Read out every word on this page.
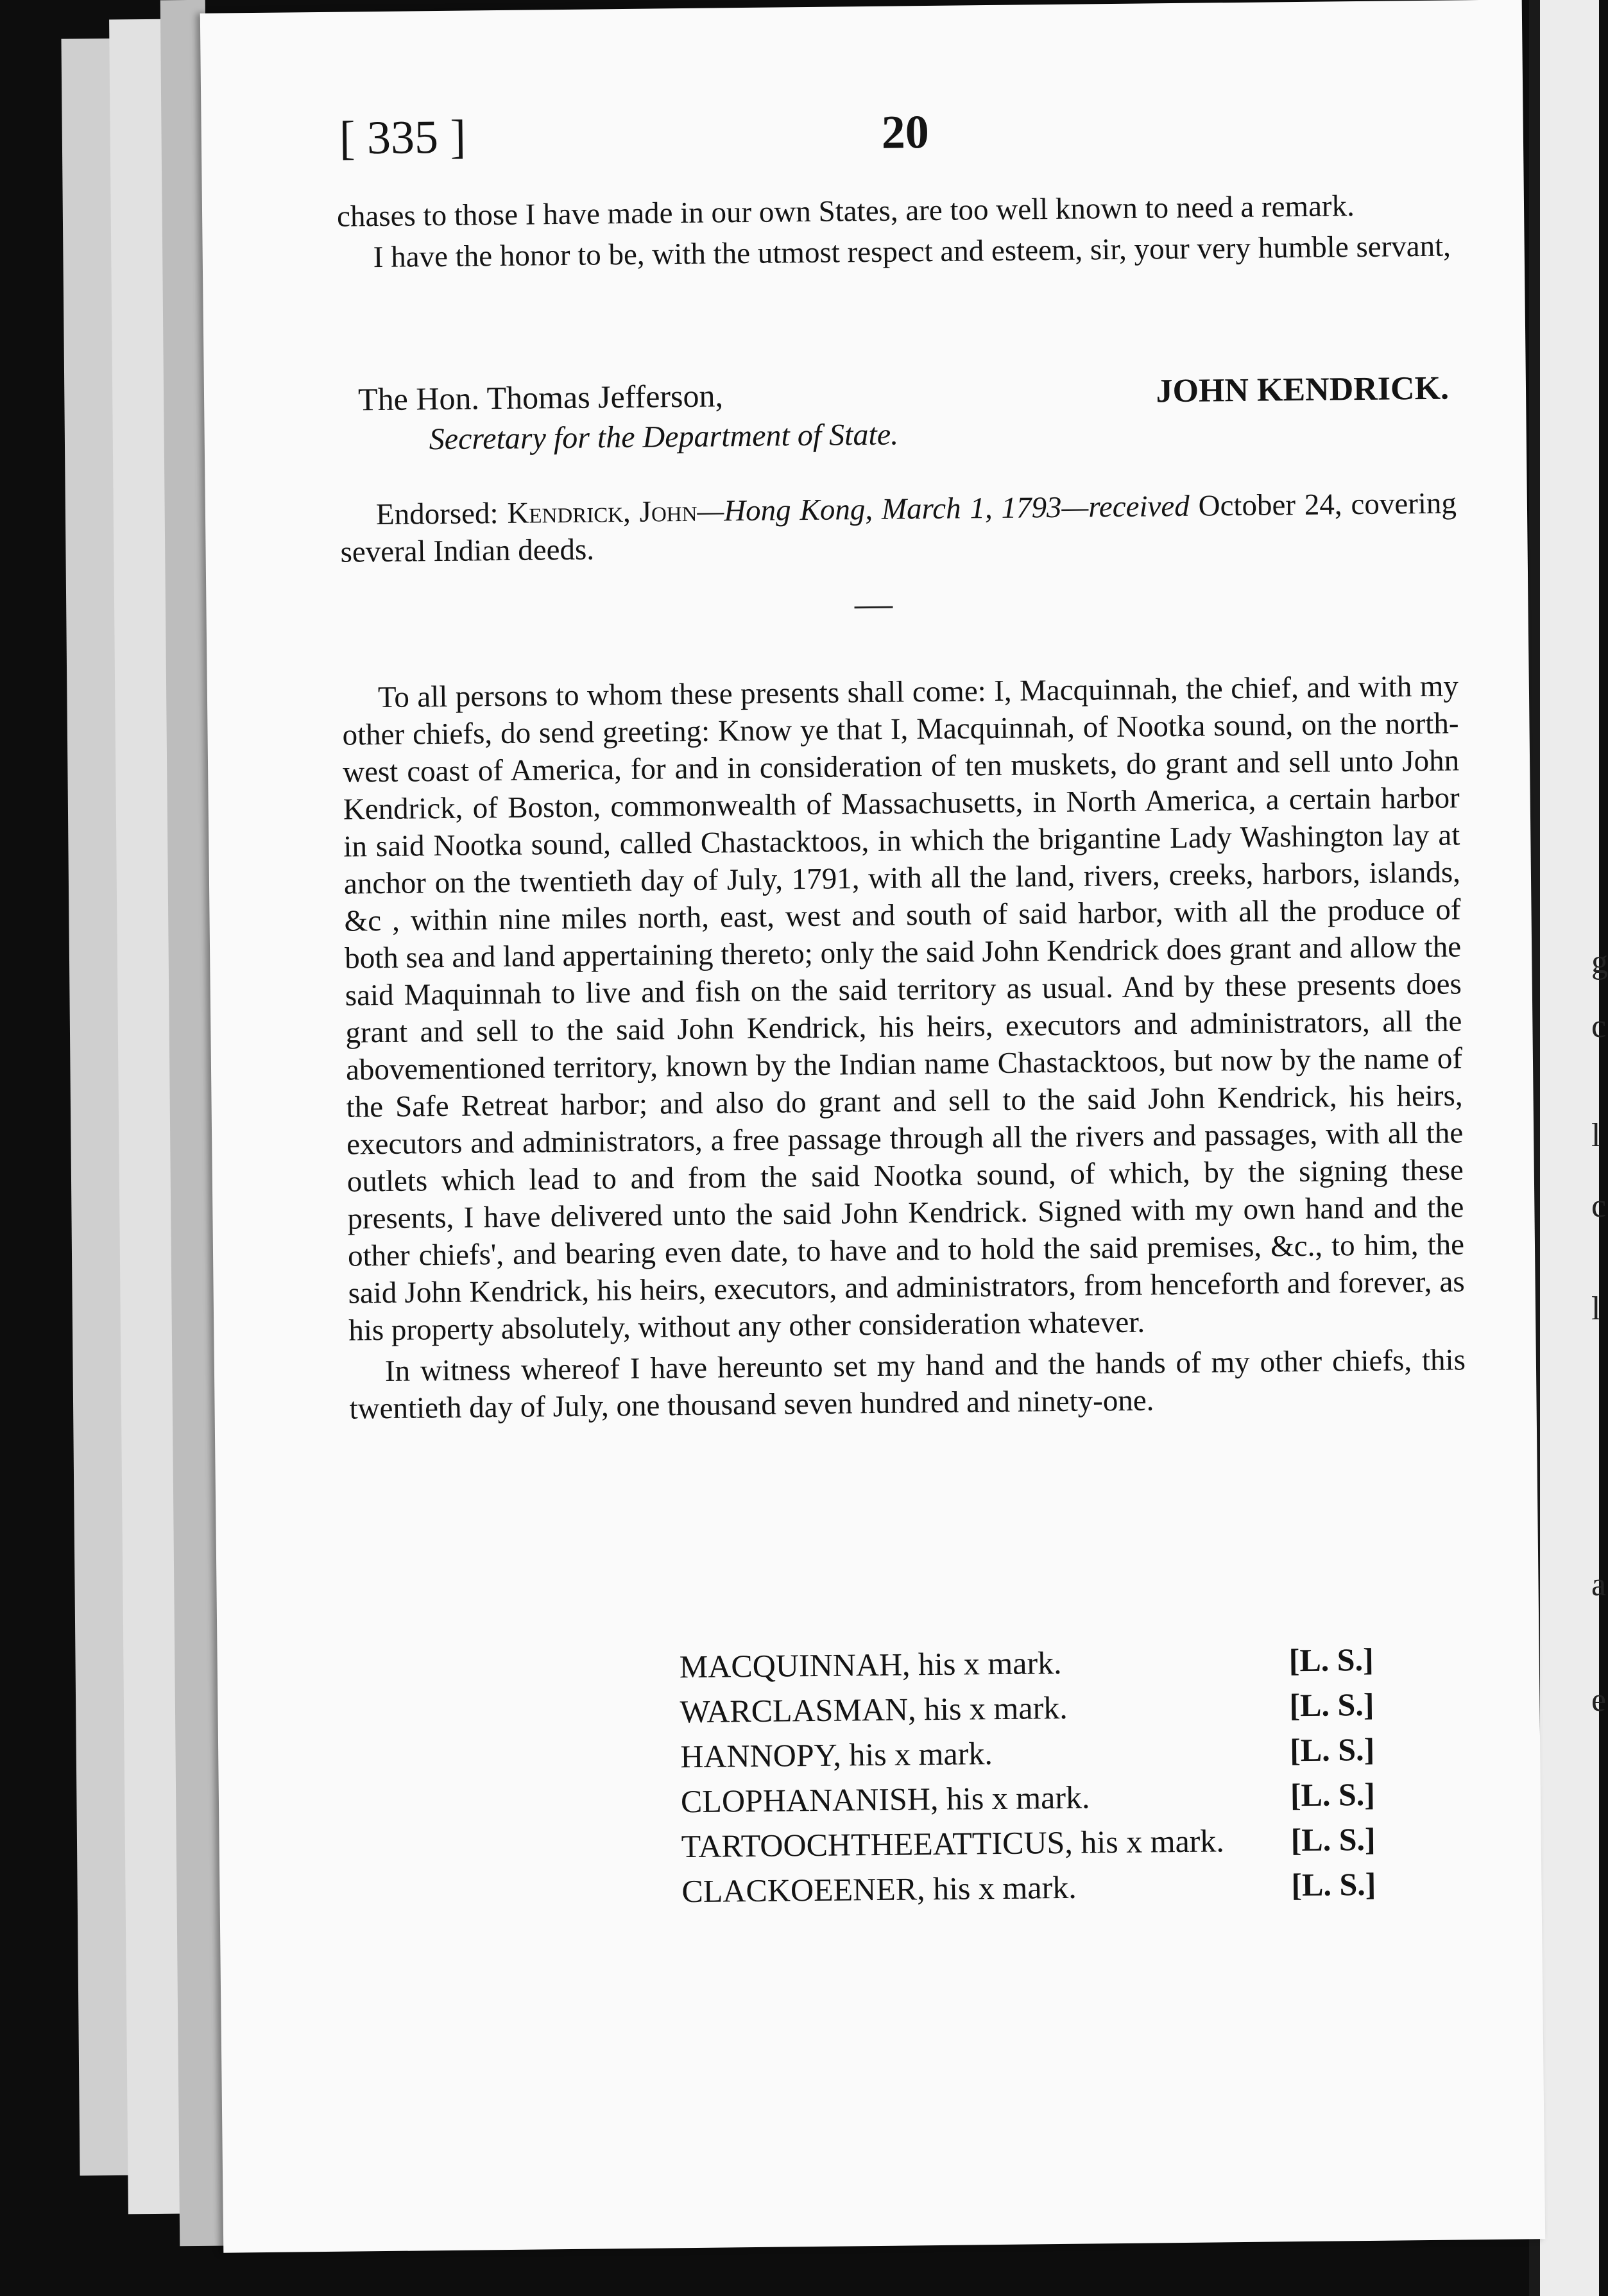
g
c
l
c
l
a
e
[ 335 ]	20

chases to those I have made in our own States, are too well known to need a remark.

I have the honor to be, with the utmost respect and esteem, sir, your very humble servant,

The Hon. Thomas Jefferson,	JOHN KENDRICK.
Secretary for the Department of State.

Endorsed: Kendrick, John—Hong Kong, March 1, 1793—received October 24, covering several Indian deeds.

To all persons to whom these presents shall come: I, Macquinnah, the chief, and with my other chiefs, do send greeting: Know ye that I, Macquinnah, of Nootka sound, on the north-west coast of America, for and in consideration of ten muskets, do grant and sell unto John Kendrick, of Boston, commonwealth of Massachusetts, in North America, a certain harbor in said Nootka sound, called Chastacktoos, in which the brigantine Lady Washington lay at anchor on the twentieth day of July, 1791, with all the land, rivers, creeks, harbors, islands, &c , within nine miles north, east, west and south of said harbor, with all the produce of both sea and land appertaining thereto; only the said John Kendrick does grant and allow the said Maquinnah to live and fish on the said territory as usual. And by these presents does grant and sell to the said John Kendrick, his heirs, executors and administrators, all the abovementioned territory, known by the Indian name Chastacktoos, but now by the name of the Safe Retreat harbor; and also do grant and sell to the said John Kendrick, his heirs, executors and administrators, a free passage through all the rivers and passages, with all the outlets which lead to and from the said Nootka sound, of which, by the signing these presents, I have delivered unto the said John Kendrick. Signed with my own hand and the other chiefs', and bearing even date, to have and to hold the said premises, &c., to him, the said John Kendrick, his heirs, executors, and administrators, from henceforth and forever, as his property absolutely, without any other consideration whatever.

In witness whereof I have hereunto set my hand and the hands of my other chiefs, this twentieth day of July, one thousand seven hundred and ninety-one.

MACQUINNAH, his x mark.	[L. S.]
WARCLASMAN, his x mark.	[L. S.]
HANNOPY, his x mark.	[L. S.]
CLOPHANANISH, his x mark.	[L. S.]
TARTOOCHTHEEATTICUS, his x mark. [L. S.]
CLACKOEENER, his x mark.	[L. S.]
